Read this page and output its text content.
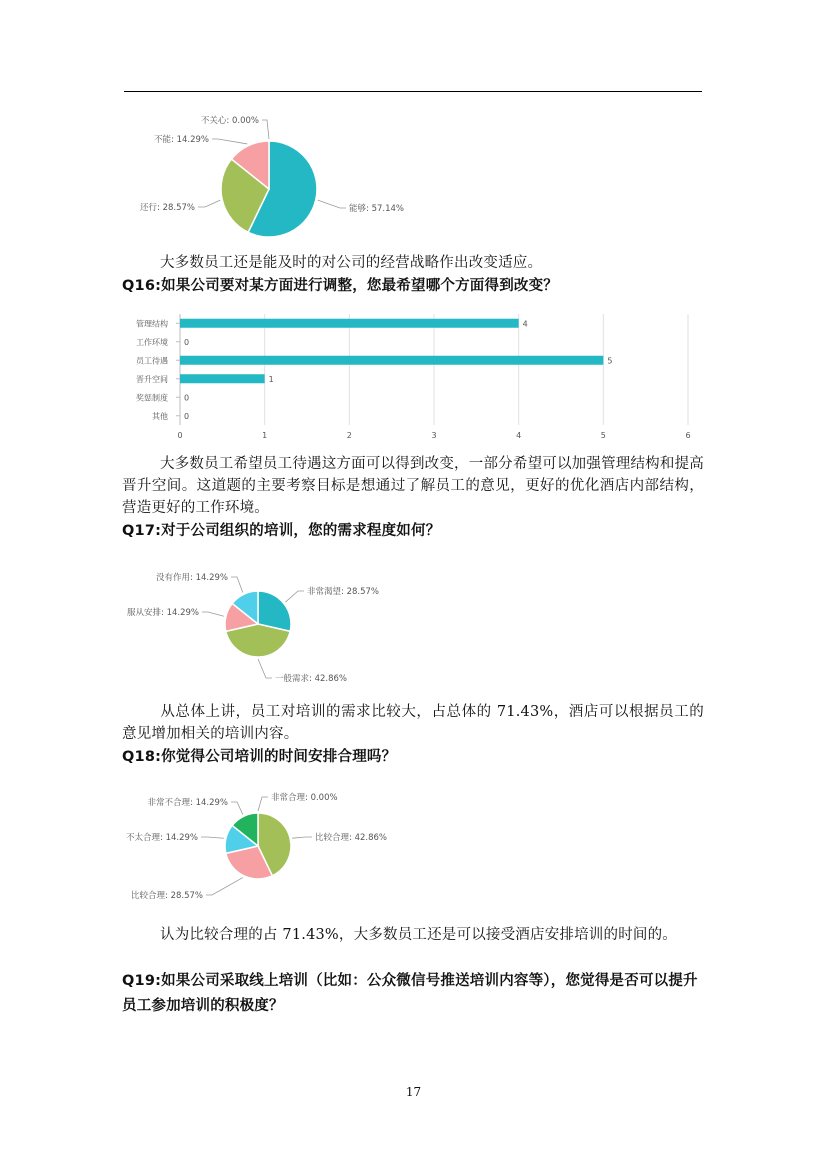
能够: 57.14%
还行: 28.57%
不能: 14.29%
不关心: 0.00%

大多数员工还是能及时的对公司的经营战略作出改变适应。

Q16:如果公司要对某方面进行调整，您最希望哪个方面得到改变？

0	1	2	3	4	5	6
管理结构	4
工作环境 0
员工待遇	5
晋升空间	1
奖惩制度 0
其他 0

大多数员工希望员工待遇这方面可以得到改变，一部分希望可以加强管理结构和提高晋升空间。这道题的主要考察目标是想通过了解员工的意见，更好的优化酒店内部结构，营造更好的工作环境。

Q17:对于公司组织的培训，您的需求程度如何？

非常渴望: 28.57%
一般需求: 42.86%
服从安排: 14.29%
没有作用: 14.29%

从总体上讲，员工对培训的需求比较大，占总体的 71.43%，酒店可以根据员工的意见增加相关的培训内容。

Q18:你觉得公司培训的时间安排合理吗？

非常合理: 0.00%
比较合理: 42.86%
比较合理: 28.57%
不太合理: 14.29%
非常不合理: 14.29%

认为比较合理的占 71.43%，大多数员工还是可以接受酒店安排培训的时间的。

Q19:如果公司采取线上培训（比如：公众微信号推送培训内容等），您觉得是否可以提升员工参加培训的积极度？

17
